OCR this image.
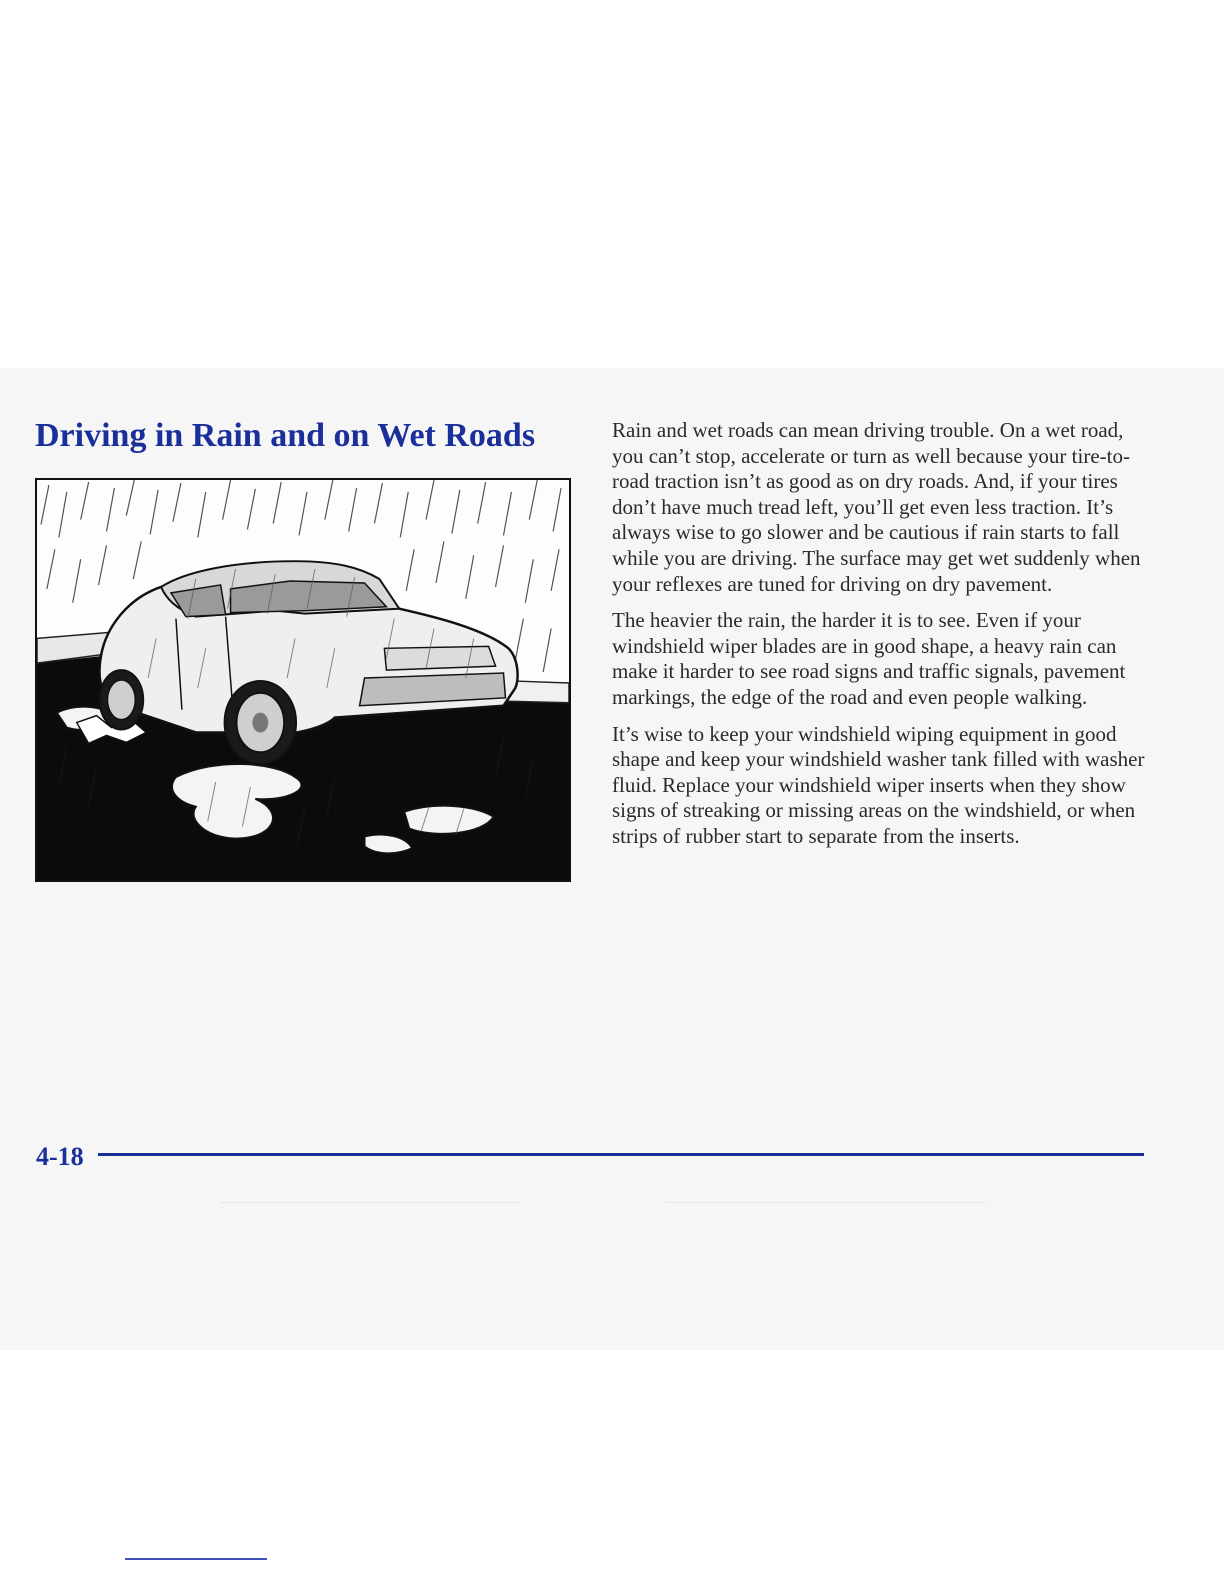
Driving in Rain and on Wet Roads	Rain and wet roads can mean driving trouble. On a wet road, you can’t stop, accelerate or turn as well because your tire-to-road traction isn’t as good as on dry roads. And, if your tires don’t have much tread left, you’ll get even less traction. It’s always wise to go slower and be cautious if rain starts to fall while you are driving. The surface may get wet suddenly when your reflexes are tuned for driving on dry pavement.

The heavier the rain, the harder it is to see. Even if your windshield wiper blades are in good shape, a heavy rain can make it harder to see road signs and traffic signals, pavement markings, the edge of the road and even people walking.

It’s wise to keep your windshield wiping equipment in good shape and keep your windshield washer tank filled with washer fluid. Replace your windshield wiper inserts when they show signs of streaking or missing areas on the windshield, or when strips of rubber start to separate from the inserts.

4-18
